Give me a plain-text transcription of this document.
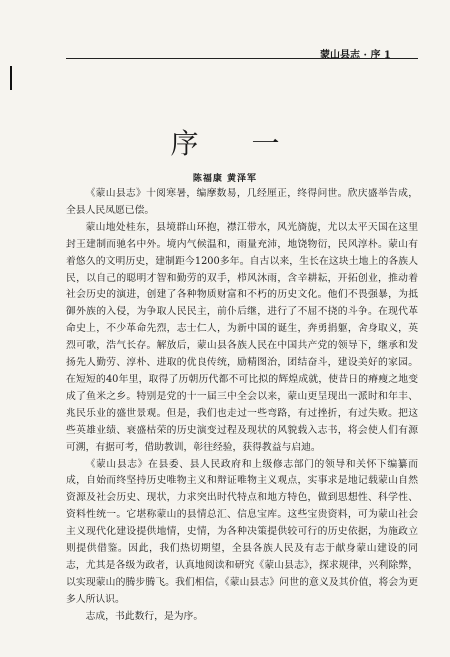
蒙山县志 · 序 1
序 一
陈福康 黄泽军

《蒙山县志》十阅寒暑，编摩数易，几经厘正，终得问世。欣庆盛举告成，全县人民凤愿已偿。

蒙山地处桂东，县境群山环抱，襟江带水，风光旖旎，尤以太平天国在这里封王建制而驰名中外。境内气候温和，雨量充沛，地饶物衍，民风淳朴。蒙山有着悠久的文明历史，建制距今1200多年。自古以来，生长在这块土地上的各族人民，以自己的聪明才智和勤劳的双手，栉风沐雨，含辛耕耘，开拓创业，推动着社会历史的演进，创建了各种物质财富和不朽的历史文化。他们不畏强暴，为抵御外族的入侵，为争取人民民主，前仆后继，进行了不屈不挠的斗争。在现代革命史上，不少革命先烈，志士仁人，为新中国的诞生，奔勇捐躯，舍身取义，英烈可歌，浩气长存。解放后，蒙山县各族人民在中国共产党的领导下，继承和发扬先人勤劳、淳朴、进取的优良传统，励精图治，团结奋斗，建设美好的家园。在短短的40年里，取得了历朝历代都不可比拟的辉煌成就，使昔日的瘠瘦之地变成了鱼米之乡。特别是党的十一届三中全会以来，蒙山更呈现出一派时和年丰、兆民乐业的盛世景观。但是，我们也走过一些弯路，有过挫折，有过失败。把这些英雄业绩、衰盛枯荣的历史演变过程及现状的风貌载入志书，将会使人们有源可溯，有据可考，借助教训，彰往经验，获得教益与启迪。

《蒙山县志》在县委、县人民政府和上级修志部门的领导和关怀下编纂而成，自始而终坚持历史唯物主义和辩证唯物主义观点，实事求是地记载蒙山自然资源及社会历史、现状，力求突出时代特点和地方特色，做到思想性、科学性、资料性统一。它堪称蒙山的县情总汇、信息宝库。这些宝贵资料，可为蒙山社会主义现代化建设提供地情，史情，为各种决策提供较可行的历史依据，为施政立则提供借鉴。因此，我们热切期望，全县各族人民及有志于献身蒙山建设的同志，尤其是各级为政者，认真地阅读和研究《蒙山县志》，探求规律，兴利除弊，以实现蒙山的腾步腾飞。我们相信，《蒙山县志》问世的意义及其价值，将会为更多人所认识。

志成，书此数行，是为序。
